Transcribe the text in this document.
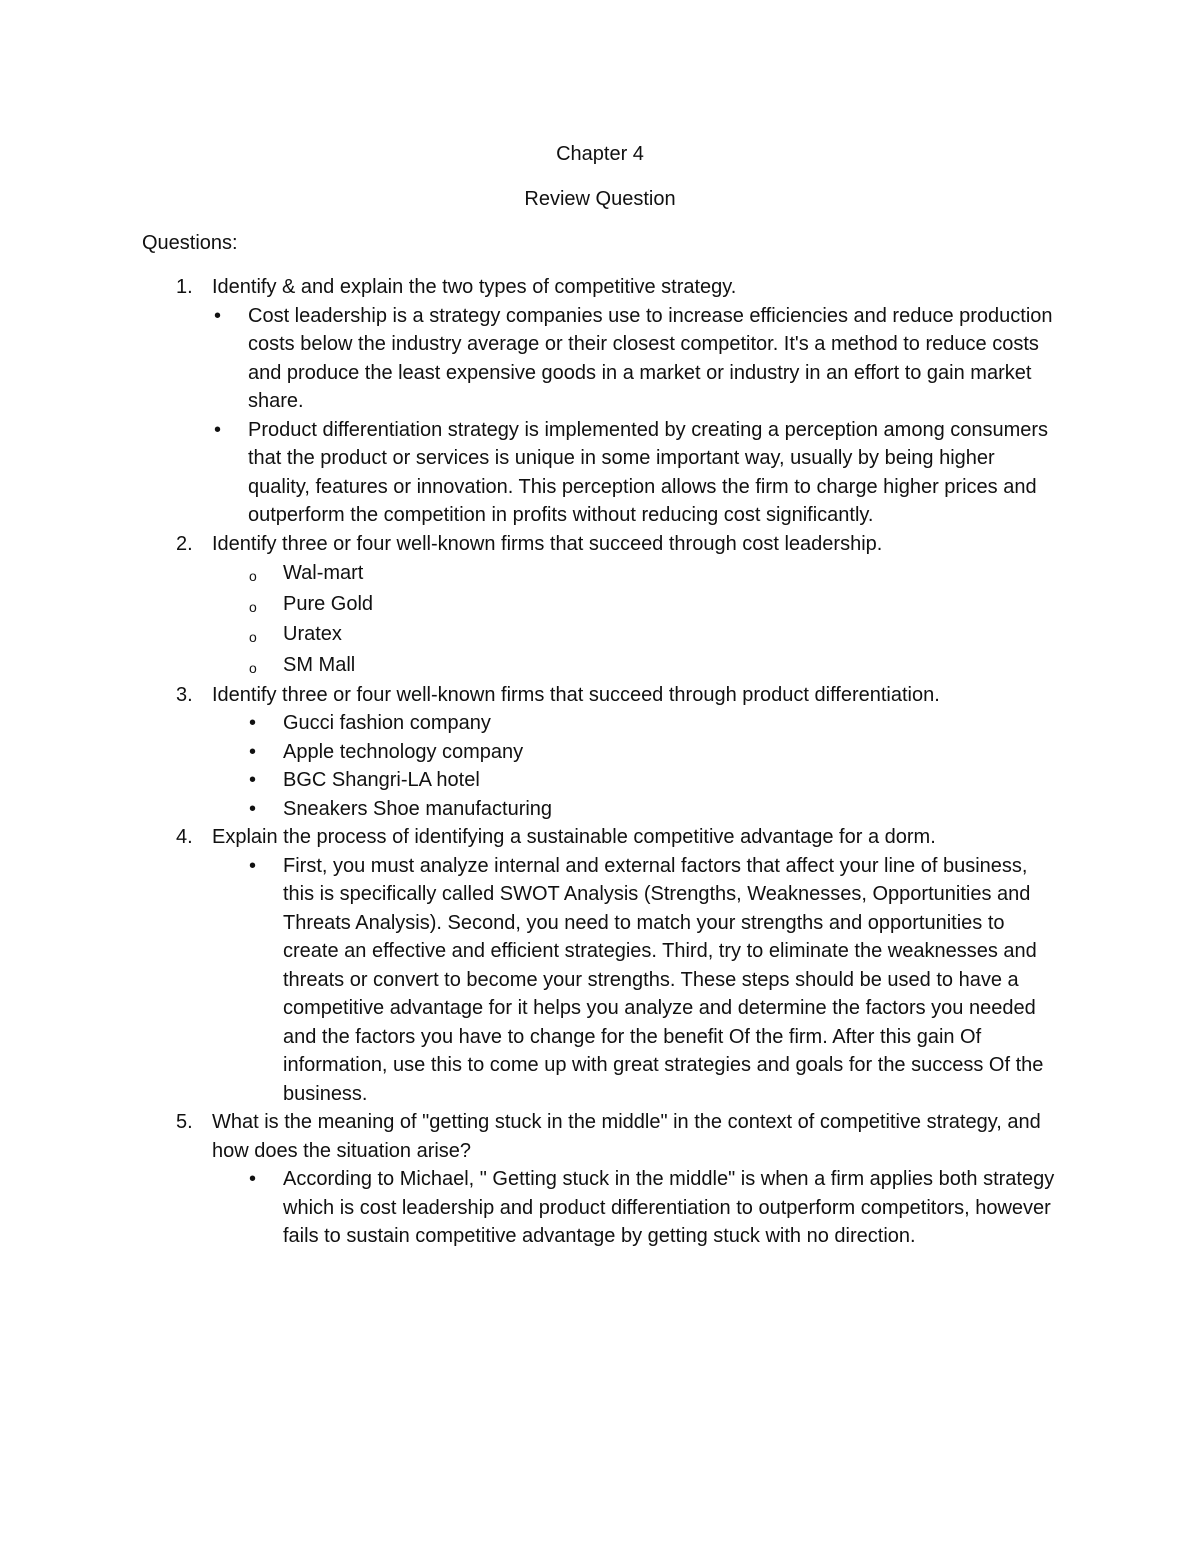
Chapter 4
Review Question
Questions:
1. Identify & and explain the two types of competitive strategy.
• Cost leadership is a strategy companies use to increase efficiencies and reduce production costs below the industry average or their closest competitor. It's a method to reduce costs and produce the least expensive goods in a market or industry in an effort to gain market share.
• Product differentiation strategy is implemented by creating a perception among consumers that the product or services is unique in some important way, usually by being higher quality, features or innovation. This perception allows the firm to charge higher prices and outperform the competition in profits without reducing cost significantly.
2. Identify three or four well-known firms that succeed through cost leadership.
o Wal-mart
o Pure Gold
o Uratex
o SM Mall
3. Identify three or four well-known firms that succeed through product differentiation.
• Gucci fashion company
• Apple technology company
• BGC Shangri-LA hotel
• Sneakers Shoe manufacturing
4. Explain the process of identifying a sustainable competitive advantage for a dorm.
• First, you must analyze internal and external factors that affect your line of business, this is specifically called SWOT Analysis (Strengths, Weaknesses, Opportunities and Threats Analysis). Second, you need to match your strengths and opportunities to create an effective and efficient strategies. Third, try to eliminate the weaknesses and threats or convert to become your strengths. These steps should be used to have a competitive advantage for it helps you analyze and determine the factors you needed and the factors you have to change for the benefit Of the firm. After this gain Of information, use this to come up with great strategies and goals for the success Of the business.
5. What is the meaning of "getting stuck in the middle" in the context of competitive strategy, and how does the situation arise?
• According to Michael, " Getting stuck in the middle" is when a firm applies both strategy which is cost leadership and product differentiation to outperform competitors, however fails to sustain competitive advantage by getting stuck with no direction.
